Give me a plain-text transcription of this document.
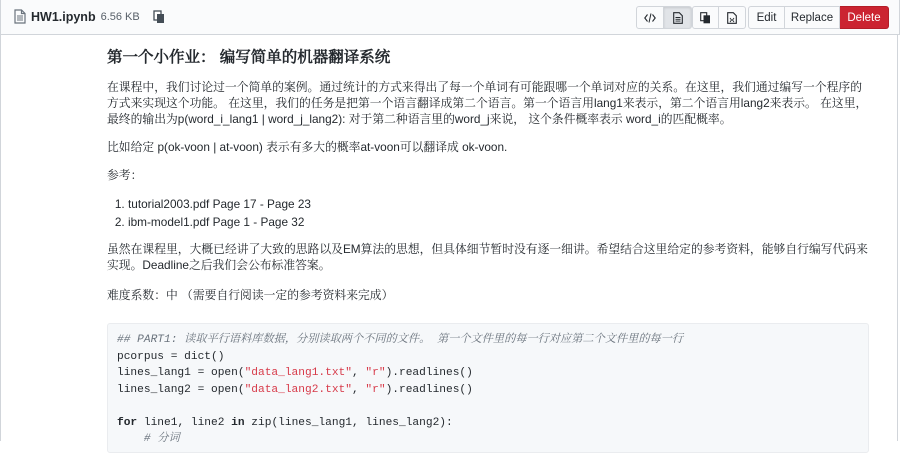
HW1.ipynb 6.56 KB	Edit	Replace	Delete
第一个小作业： 编写简单的机器翻译系统

在课程中，我们讨论过一个简单的案例。通过统计的方式来得出了每一个单词有可能跟哪一个单词对应的关系。在这里，我们通过编写一个程序的方式来实现这个功能。 在这里，我们的任务是把第一个语言翻译成第二个语言。第一个语言用lang1来表示，第二个语言用lang2来表示。 在这里，最终的输出为p(word_i_lang1 | word_j_lang2): 对于第二种语言里的word_j来说， 这个条件概率表示 word_i的匹配概率。

比如给定 p(ok-voon | at-voon) 表示有多大的概率at-voon可以翻译成 ok-voon.

参考：

1. tutorial2003.pdf Page 17 - Page 23
2. ibm-model1.pdf Page 1 - Page 32

虽然在课程里，大概已经讲了大致的思路以及EM算法的思想，但具体细节暂时没有逐一细讲。希望结合这里给定的参考资料，能够自行编写代码来实现。Deadline之后我们会公布标准答案。

难度系数：中 （需要自行阅读一定的参考资料来完成）

## PART1: 读取平行语料库数据，分别读取两个不同的文件。 第一个文件里的每一行对应第二个文件里的每一行
pcorpus = dict()
lines_lang1 = open("data_lang1.txt", "r").readlines()
lines_lang2 = open("data_lang2.txt", "r").readlines()
for line1, line2 in zip(lines_lang1, lines_lang2):
# 分词
